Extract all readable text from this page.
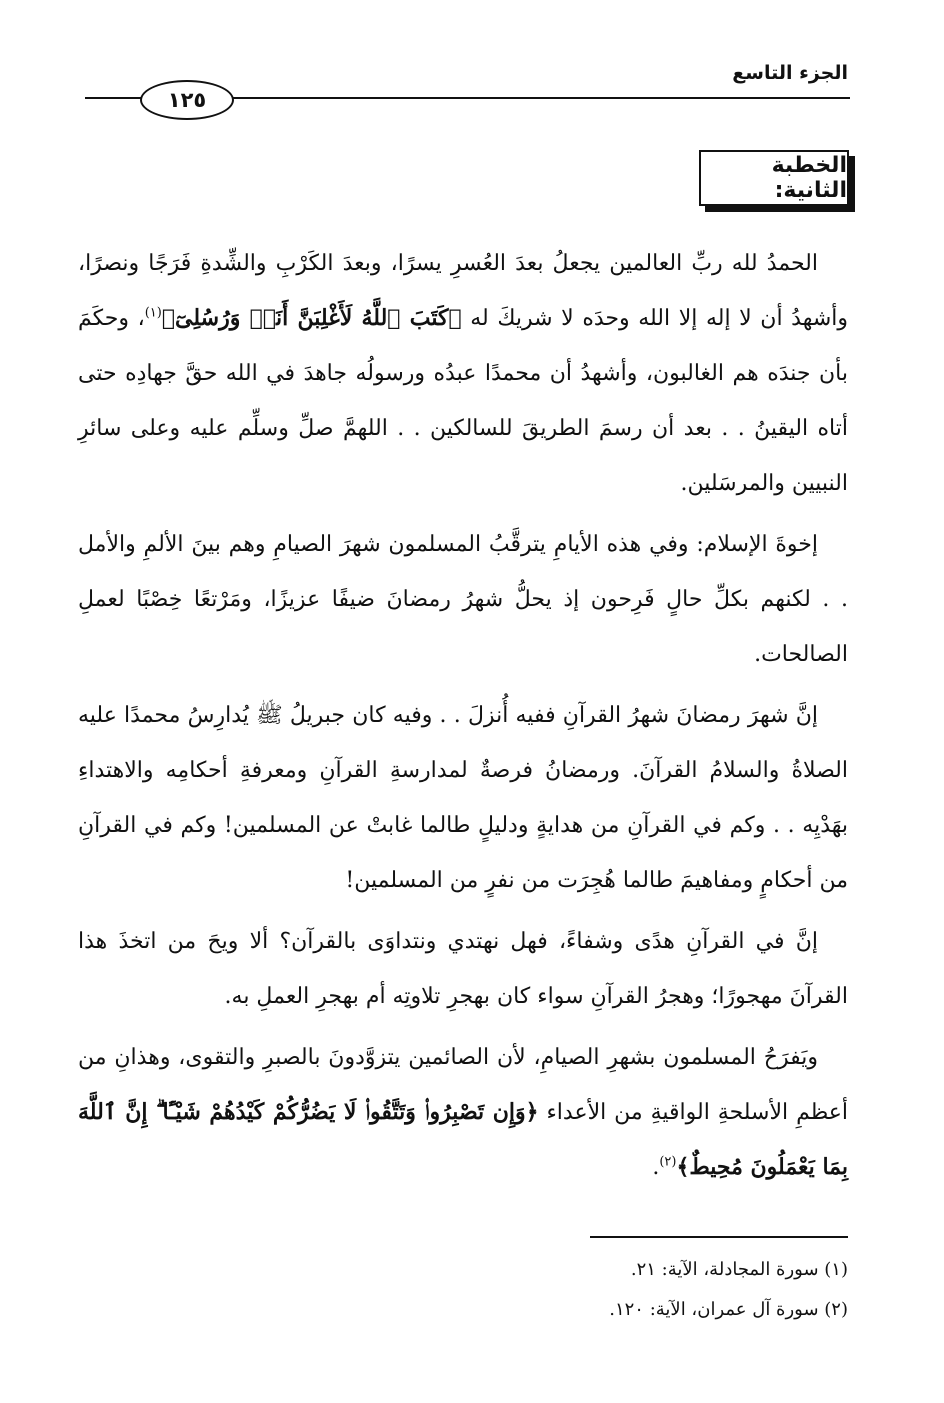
الجزء التاسع
١٢٥
الخطبة الثانية:

الحمدُ لله ربِّ العالمين يجعلُ بعدَ العُسرِ يسرًا، وبعدَ الكَرْبِ والشِّدةِ فَرَجًا ونصرًا، وأشهدُ أن لا إله إلا الله وحدَه لا شريكَ له ﴿كَتَبَ ٱللَّهُ لَأَغْلِبَنَّ أَنَا۠ وَرُسُلِىٓ﴾$^{(١)}$، وحكَمَ بأن جندَه هم الغالبون، وأشهدُ أن محمدًا عبدُه ورسولُه جاهدَ في الله حقَّ جهادِه حتى أتاه اليقينُ . . بعد أن رسمَ الطريقَ للسالكين . . اللهمَّ صلِّ وسلِّم عليه وعلى سائرِ النبيين والمرسَلين.

إخوةَ الإسلام: وفي هذه الأيامِ يترقَّبُ المسلمون شهرَ الصيامِ وهم بينَ الألمِ والأمل . . لكنهم بكلِّ حالٍ فَرِحون إذ يحلُّ شهرُ رمضانَ ضيفًا عزيزًا، ومَرْتعًا خِصْبًا لعملِ الصالحات.

إنَّ شهرَ رمضانَ شهرُ القرآنِ ففيه أُنزلَ . . وفيه كان جبريلُ ﷺ يُدارِسُ محمدًا عليه الصلاةُ والسلامُ القرآنَ. ورمضانُ فرصةٌ لمدارسةِ القرآنِ ومعرفةِ أحكامِه والاهتداءِ بهَدْيِه . . وكم في القرآنِ من هدايةٍ ودليلٍ طالما غابتْ عن المسلمين! وكم في القرآنِ من أحكامٍ ومفاهيمَ طالما هُجِرَت من نفرٍ من المسلمين!

إنَّ في القرآنِ هدًى وشفاءً، فهل نهتدي ونتداوَى بالقرآن؟ ألا ويحَ من اتخذَ هذا القرآنَ مهجورًا؛ وهجرُ القرآنِ سواء كان بهجرِ تلاوتِه أم بهجرِ العملِ به.

ويَفرَحُ المسلمون بشهرِ الصيامِ، لأن الصائمين يتزوَّدونَ بالصبرِ والتقوى، وهذانِ من أعظمِ الأسلحةِ الواقيةِ من الأعداء ﴿وَإِن تَصْبِرُوا۟ وَتَتَّقُوا۟ لَا يَضُرُّكُمْ كَيْدُهُمْ شَيْـًٔا ۗ إِنَّ ٱللَّهَ بِمَا يَعْمَلُونَ مُحِيطٌ﴾$^{(٢)}$.

(١) سورة المجادلة، الآية: ٢١.

(٢) سورة آل عمران، الآية: ١٢٠.
